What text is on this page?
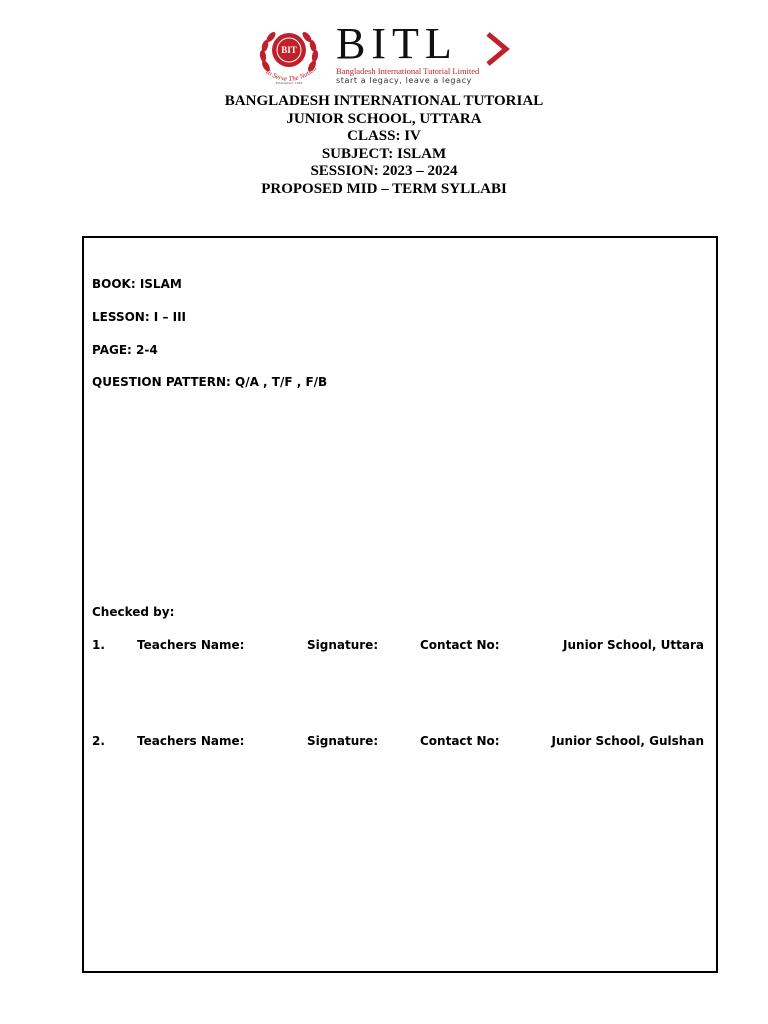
BIT
To Serve The Nation
Established, 1983
BITL
Bangladesh International Tutorial Limited
start a legacy, leave a legacy
BANGLADESH INTERNATIONAL TUTORIAL
JUNIOR SCHOOL, UTTARA
CLASS: IV
SUBJECT: ISLAM
SESSION: 2023 – 2024
PROPOSED MID – TERM SYLLABI
BOOK: ISLAM
LESSON: I – III
PAGE: 2-4
QUESTION PATTERN: Q/A , T/F , F/B
Checked by:
1.	Teachers Name:	Signature:	Contact No:	Junior School, Uttara
2.	Teachers Name:	Signature:	Contact No:	Junior School, Gulshan
